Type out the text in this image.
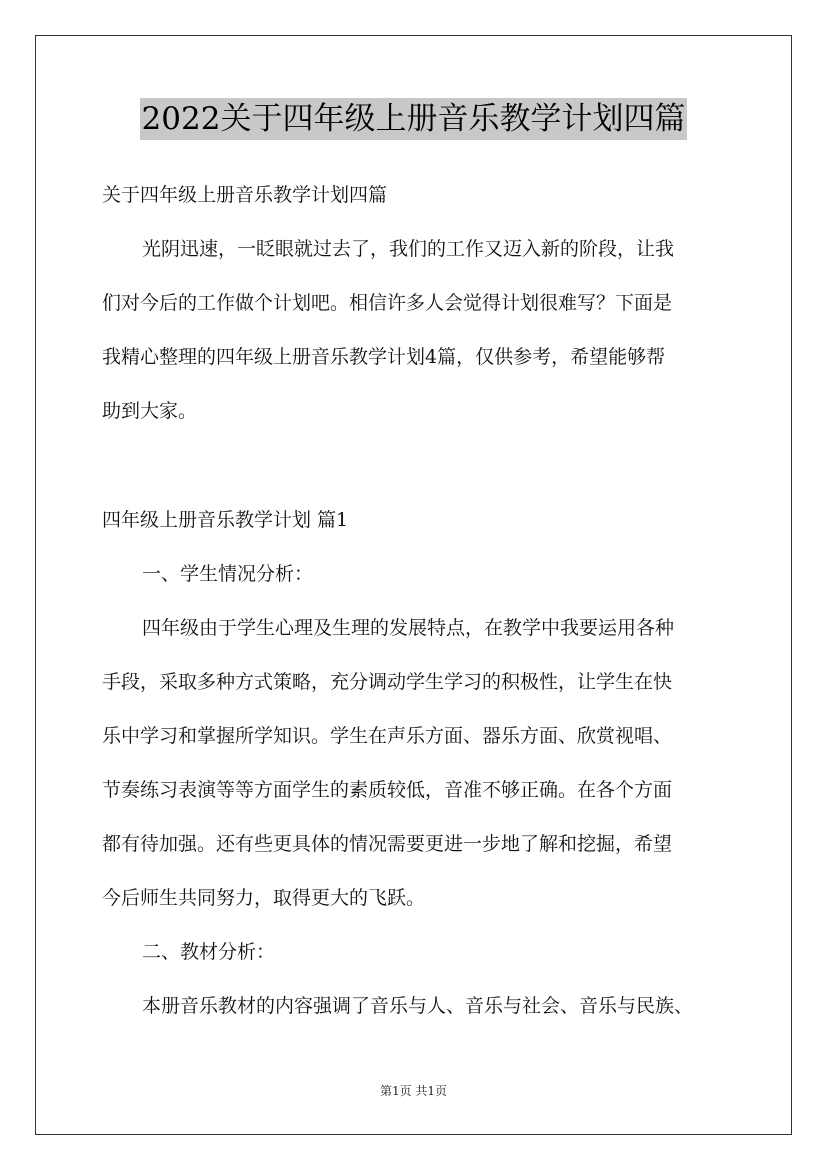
2022关于四年级上册音乐教学计划四篇
关于四年级上册音乐教学计划四篇
光阴迅速，一眨眼就过去了，我们的工作又迈入新的阶段，让我
们对今后的工作做个计划吧。相信许多人会觉得计划很难写？下面是
我精心整理的四年级上册音乐教学计划4篇，仅供参考，希望能够帮
助到大家。
四年级上册音乐教学计划 篇1
一、学生情况分析：
四年级由于学生心理及生理的发展特点，在教学中我要运用各种
手段，采取多种方式策略，充分调动学生学习的积极性，让学生在快
乐中学习和掌握所学知识。学生在声乐方面、器乐方面、欣赏视唱、
节奏练习表演等等方面学生的素质较低，音准不够正确。在各个方面
都有待加强。还有些更具体的情况需要更进一步地了解和挖掘，希望
今后师生共同努力，取得更大的飞跃。
二、教材分析：
本册音乐教材的内容强调了音乐与人、音乐与社会、音乐与民族、
第1页 共1页
